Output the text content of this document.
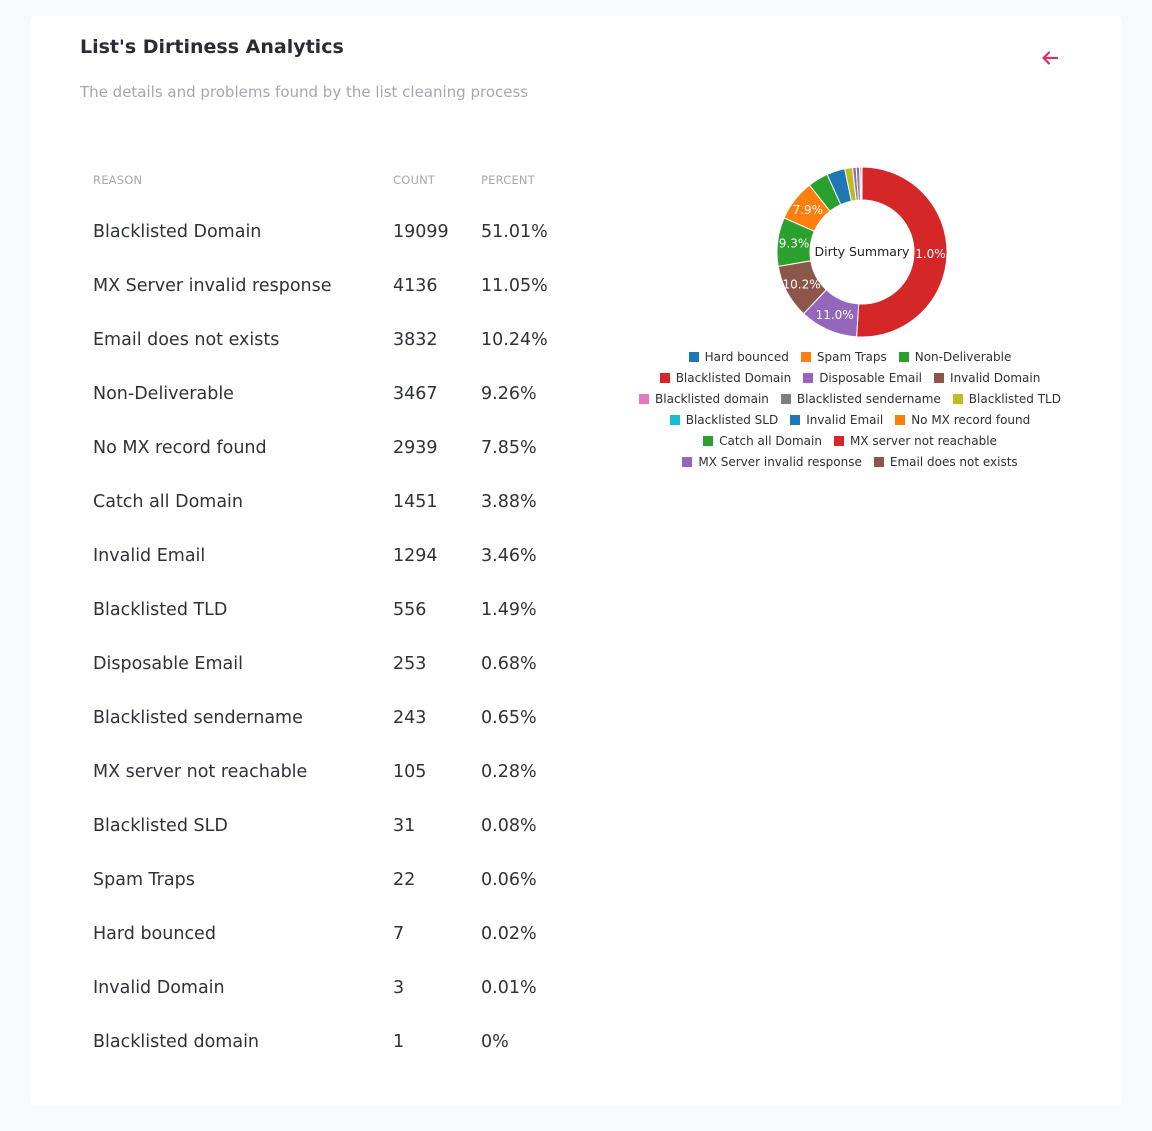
List's Dirtiness Analytics
The details and problems found by the list cleaning process
REASON	COUNT	PERCENT
Blacklisted Domain	19099 51.01%
MX Server invalid response	4136 11.05%
Email does not exists	3832 10.24%
Non-Deliverable	3467 9.26%
No MX record found	2939 7.85%
Catch all Domain	1451 3.88%
Invalid Email	1294 3.46%
Blacklisted TLD	556	1.49%
Disposable Email	253	0.68%
Blacklisted sendername	243	0.65%
MX server not reachable	105	0.28%
Blacklisted SLD	31	0.08%
Spam Traps	22	0.06%
Hard bounced	7	0.02%
Invalid Domain	3	0.01%
Blacklisted domain	1	0%
Dirty Summary 1.0%
11.0%
10.2%
9.3%
7.9%
Hard bounced Spam Traps Non-Deliverable
Blacklisted Domain Disposable Email Invalid Domain
Blacklisted domain Blacklisted sendername Blacklisted TLD
Blacklisted SLD Invalid Email No MX record found
Catch all Domain MX server not reachable
MX Server invalid response Email does not exists
